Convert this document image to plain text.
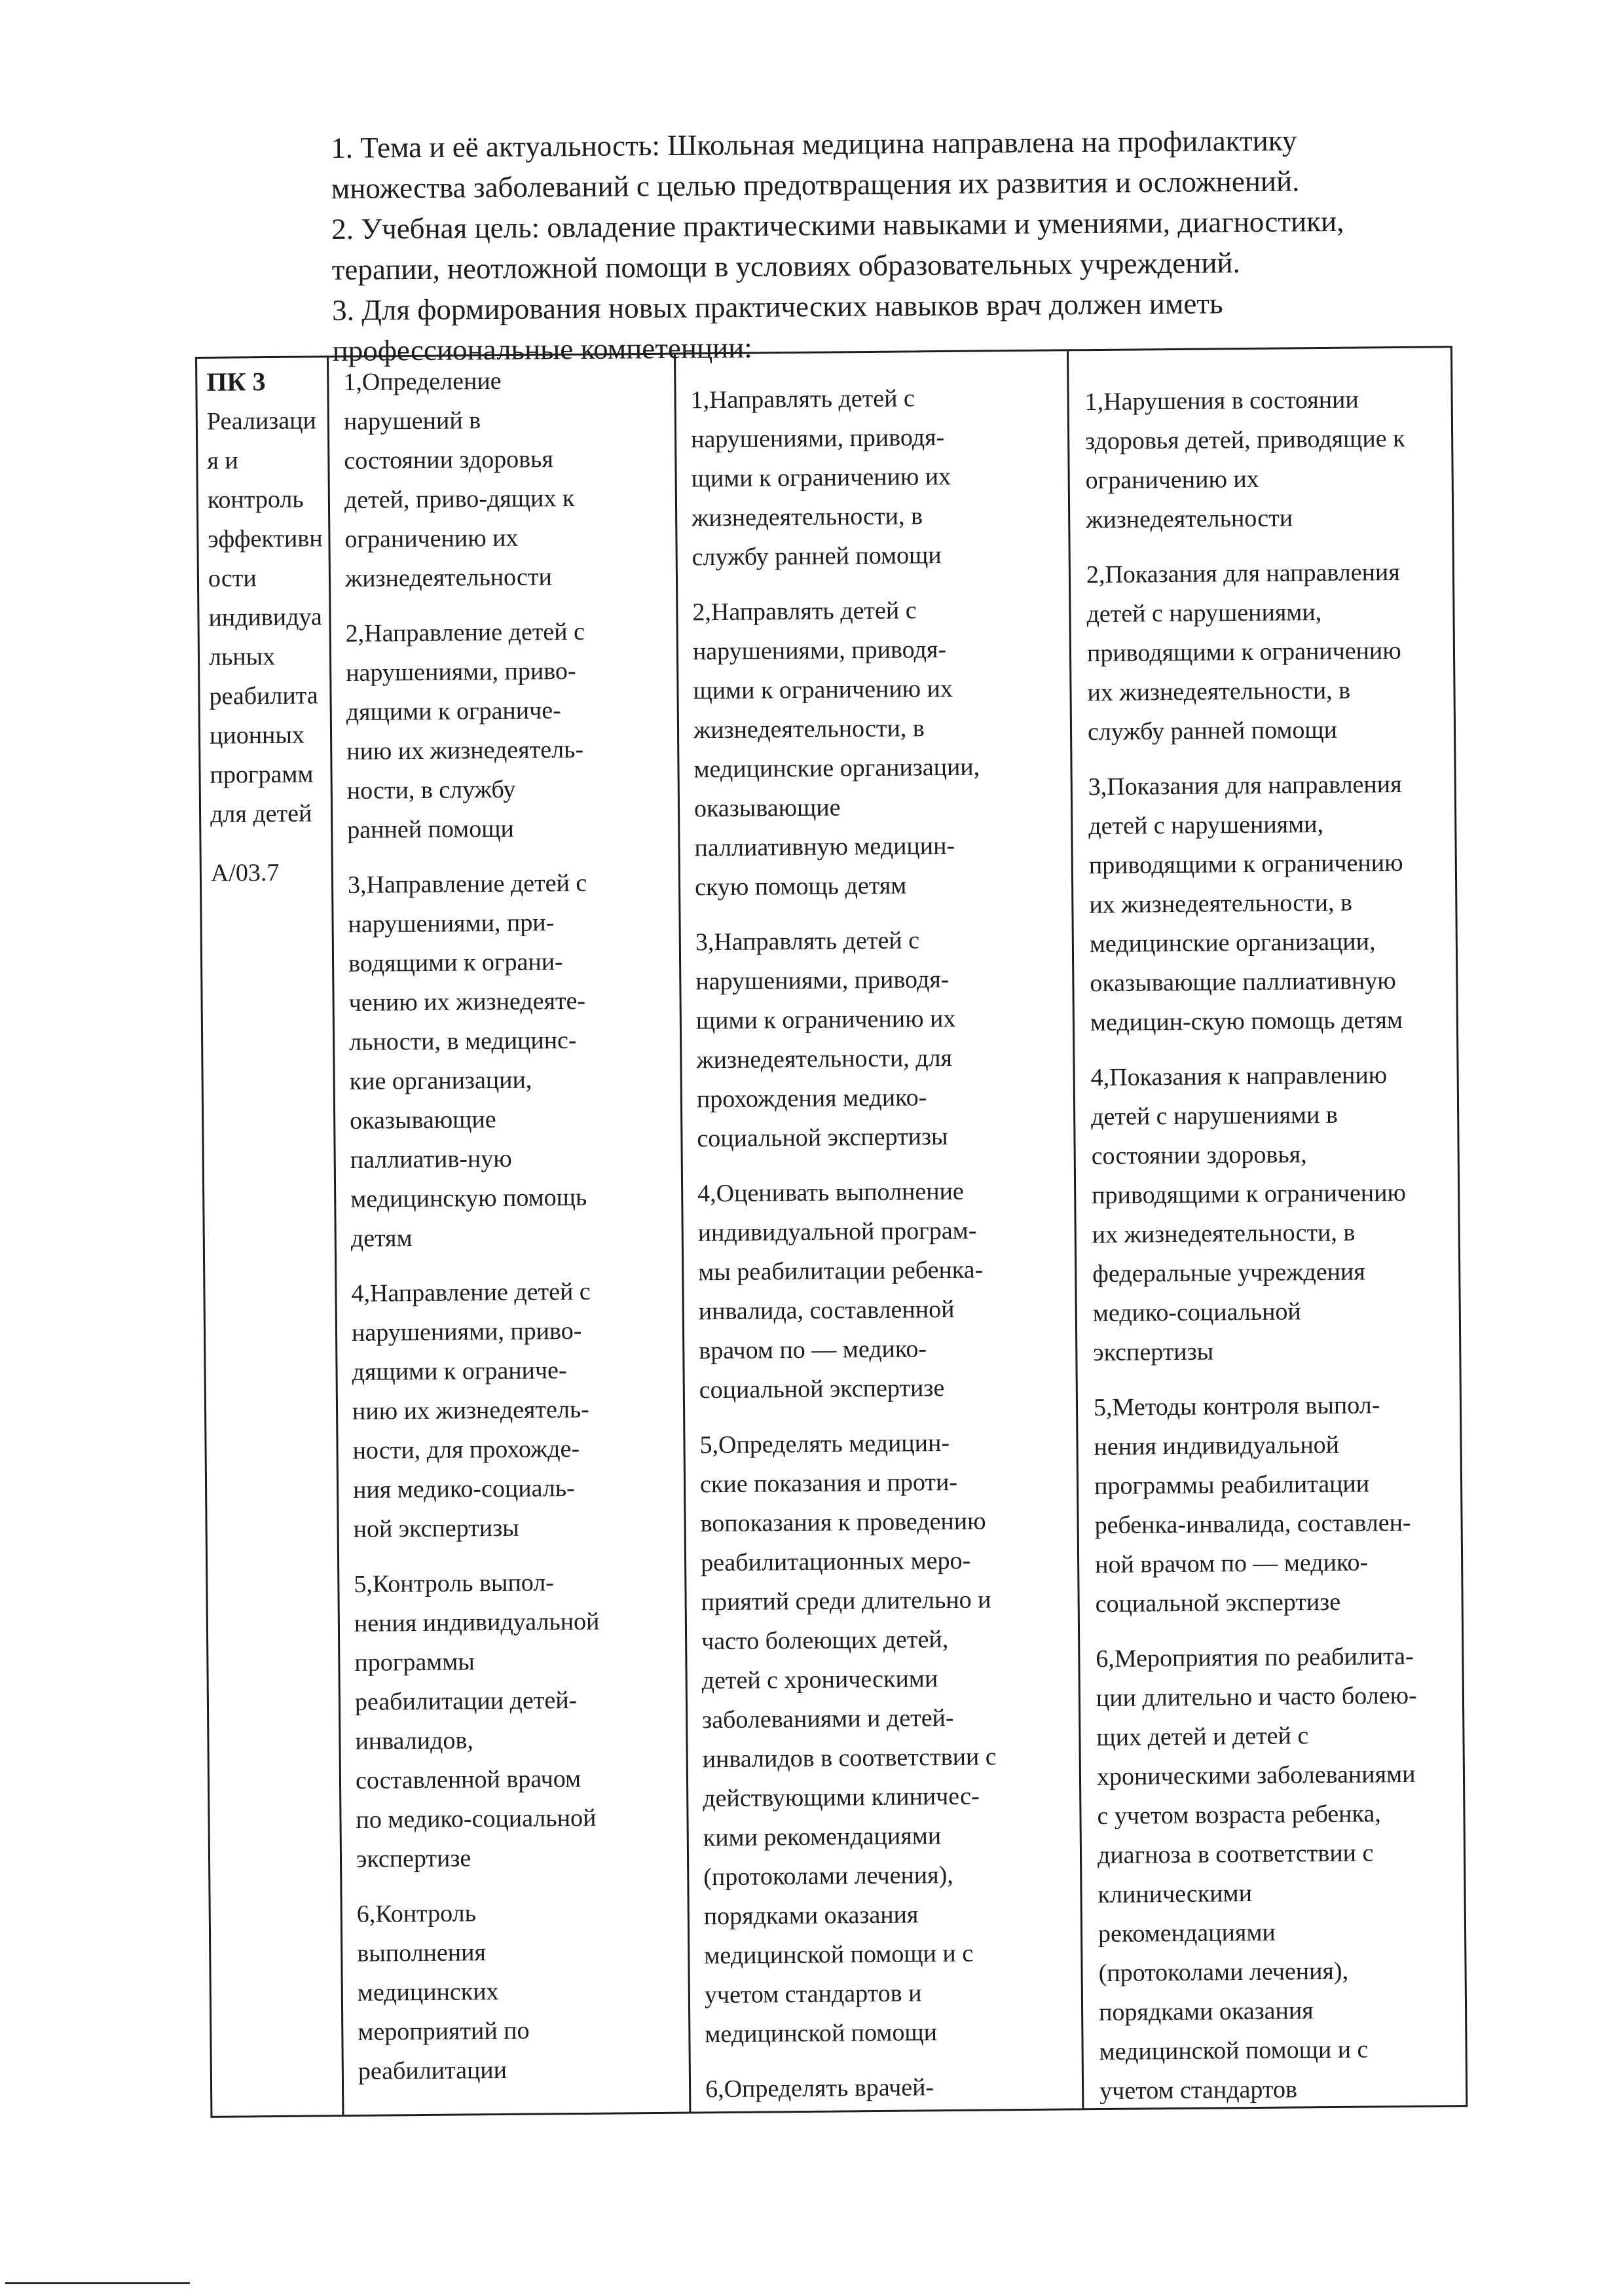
1. Тема и её актуальность: Школьная медицина направлена на профилактику

множества заболеваний с целью предотвращения их развития и осложнений.

2. Учебная цель: овладение практическими навыками и умениями, диагностики,

терапии, неотложной помощи в условиях образовательных учреждений.

3. Для формирования новых практических навыков врач должен иметь

профессиональные компетенции:

ПК 3
Реализаци
я и
контроль
эффективн
ости
индивидуа
льных
реабилита
ционных
программ
для детей
A/03.7
1,Определение
нарушений в
состоянии здоровья
детей, приво-дящих к
ограничению их
жизнедеятельности
2,Направление детей с
нарушениями, приво-
дящими к ограниче-
нию их жизнедеятель-
ности, в службу
ранней помощи
3,Направление детей с
нарушениями, при-
водящими к ограни-
чению их жизнедеяте-
льности, в медицинс-
кие организации,
оказывающие
паллиатив-ную
медицинскую помощь
детям
4,Направление детей с
нарушениями, приво-
дящими к ограниче-
нию их жизнедеятель-
ности, для прохожде-
ния медико-социаль-
ной экспертизы
5,Контроль выпол-
нения индивидуальной
программы
реабилитации детей-
инвалидов,
составленной врачом
по медико-социальной
экспертизе
6,Контроль
выполнения
медицинских
мероприятий по
реабилитации
1,Направлять детей с
нарушениями, приводя-
щими к ограничению их
жизнедеятельности, в
службу ранней помощи
2,Направлять детей с
нарушениями, приводя-
щими к ограничению их
жизнедеятельности, в
медицинские организации,
оказывающие
паллиативную медицин-
скую помощь детям
3,Направлять детей с
нарушениями, приводя-
щими к ограничению их
жизнедеятельности, для
прохождения медико-
социальной экспертизы
4,Оценивать выполнение
индивидуальной програм-
мы реабилитации ребенка-
инвалида, составленной
врачом по — медико-
социальной экспертизе
5,Определять медицин-
ские показания и проти-
вопоказания к проведению
реабилитационных меро-
приятий среди длительно и
часто болеющих детей,
детей с хроническими
заболеваниями и детей-
инвалидов в соответствии с
действующими клиничес-
кими рекомендациями
(протоколами лечения),
порядками оказания
медицинской помощи и с
учетом стандартов и
медицинской помощи
6,Определять врачей-
1,Нарушения в состоянии
здоровья детей, приводящие к
ограничению их
жизнедеятельности
2,Показания для направления
детей с нарушениями,
приводящими к ограничению
их жизнедеятельности, в
службу ранней помощи
3,Показания для направления
детей с нарушениями,
приводящими к ограничению
их жизнедеятельности, в
медицинские организации,
оказывающие паллиативную
медицин-скую помощь детям
4,Показания к направлению
детей с нарушениями в
состоянии здоровья,
приводящими к ограничению
их жизнедеятельности, в
федеральные учреждения
медико-социальной
экспертизы
5,Методы контроля выпол-
нения индивидуальной
программы реабилитации
ребенка-инвалида, составлен-
ной врачом по — медико-
социальной экспертизе
6,Мероприятия по реабилита-
ции длительно и часто болею-
щих детей и детей с
хроническими заболеваниями
с учетом возраста ребенка,
диагноза в соответствии с
клиническими
рекомендациями
(протоколами лечения),
порядками оказания
медицинской помощи и с
учетом стандартов
